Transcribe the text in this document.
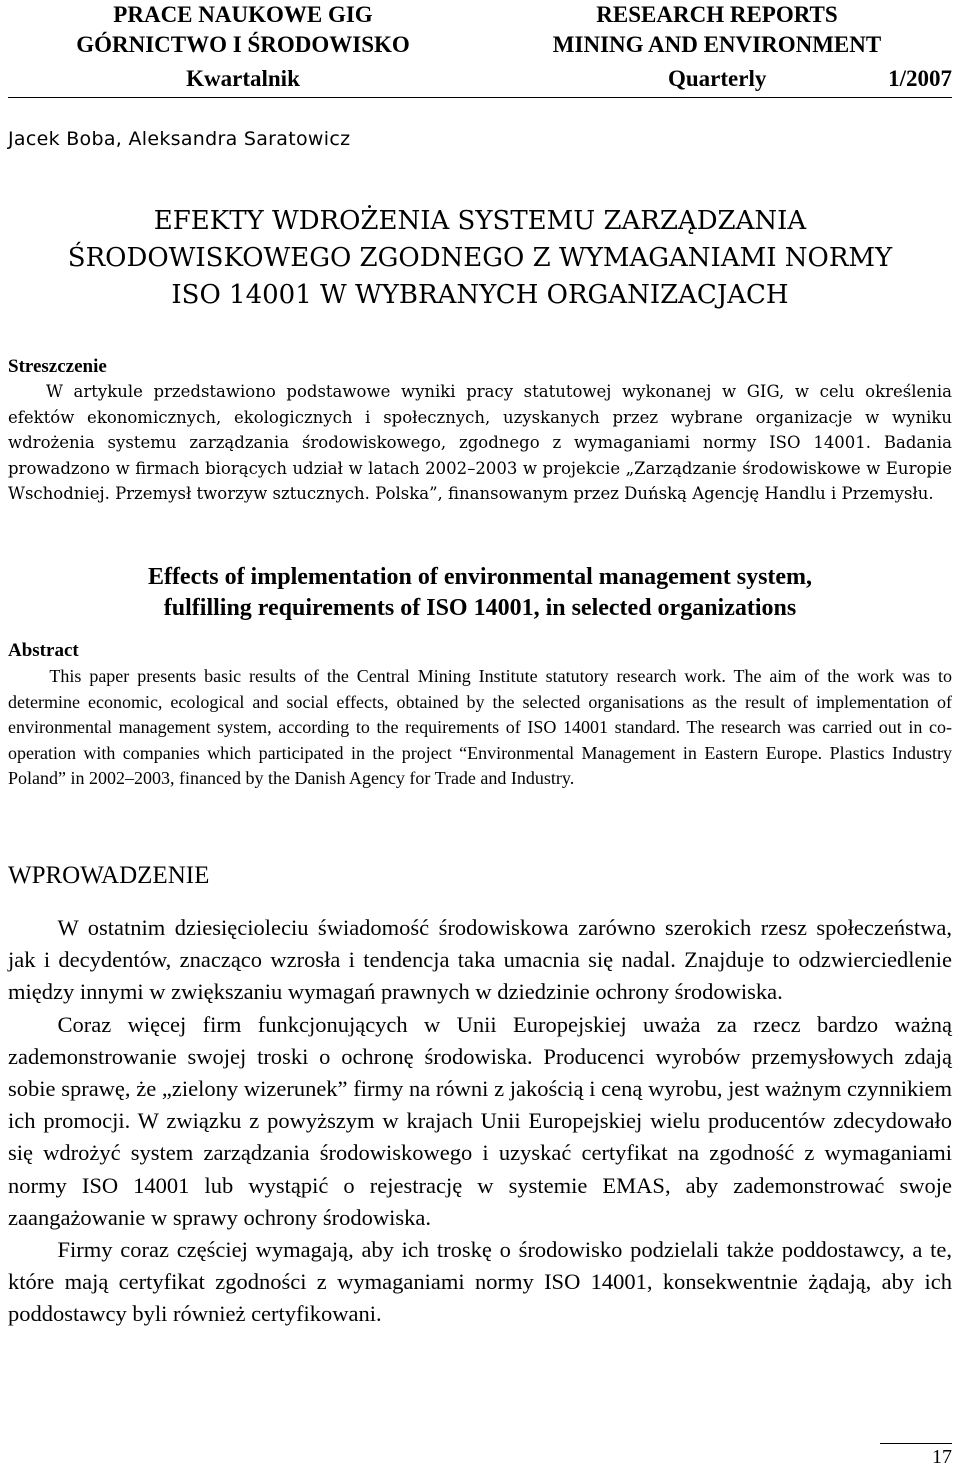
PRACE NAUKOWE GIG	RESEARCH REPORTS
GÓRNICTWO I ŚRODOWISKO	MINING AND ENVIRONMENT
Kwartalnik	Quarterly	1/2007
Jacek Boba, Aleksandra Saratowicz
EFEKTY WDROŻENIA SYSTEMU ZARZĄDZANIA
ŚRODOWISKOWEGO ZGODNEGO Z WYMAGANIAMI NORMY
ISO 14001 W WYBRANYCH ORGANIZACJACH
Streszczenie

W artykule przedstawiono podstawowe wyniki pracy statutowej wykonanej w GIG, w celu określenia efektów ekonomicznych, ekologicznych i społecznych, uzyskanych przez wybrane organizacje w wyniku wdrożenia systemu zarządzania środowiskowego, zgodnego z wymaganiami normy ISO 14001. Badania prowadzono w firmach biorących udział w latach 2002–2003 w projekcie „Zarządzanie środowiskowe w Europie Wschodniej. Przemysł tworzyw sztucznych. Polska”, finansowanym przez Duńską Agencję Handlu i Przemysłu.

Effects of implementation of environmental management system,
fulfilling requirements of ISO 14001, in selected organizations
Abstract

This paper presents basic results of the Central Mining Institute statutory research work. The aim of the work was to determine economic, ecological and social effects, obtained by the selected organisations as the result of implementation of environmental management system, according to the requirements of ISO 14001 standard. The research was carried out in co-operation with companies which participated in the project “Environmental Management in Eastern Europe. Plastics Industry Poland” in 2002–2003, financed by the Danish Agency for Trade and Industry.

WPROWADZENIE

W ostatnim dziesięcioleciu świadomość środowiskowa zarówno szerokich rzesz społeczeństwa, jak i decydentów, znacząco wzrosła i tendencja taka umacnia się nadal. Znajduje to odzwierciedlenie między innymi w zwiększaniu wymagań prawnych w dziedzinie ochrony środowiska.

Coraz więcej firm funkcjonujących w Unii Europejskiej uważa za rzecz bardzo ważną zademonstrowanie swojej troski o ochronę środowiska. Producenci wyrobów przemysłowych zdają sobie sprawę, że „zielony wizerunek” firmy na równi z jakością i ceną wyrobu, jest ważnym czynnikiem ich promocji. W związku z powyższym w krajach Unii Europejskiej wielu producentów zdecydowało się wdrożyć system zarządzania środowiskowego i uzyskać certyfikat na zgodność z wymaganiami normy ISO 14001 lub wystąpić o rejestrację w systemie EMAS, aby zademonstrować swoje zaangażowanie w sprawy ochrony środowiska.

Firmy coraz częściej wymagają, aby ich troskę o środowisko podzielali także poddostawcy, a te, które mają certyfikat zgodności z wymaganiami normy ISO 14001, konsekwentnie żądają, aby ich poddostawcy byli również certyfikowani.

17
